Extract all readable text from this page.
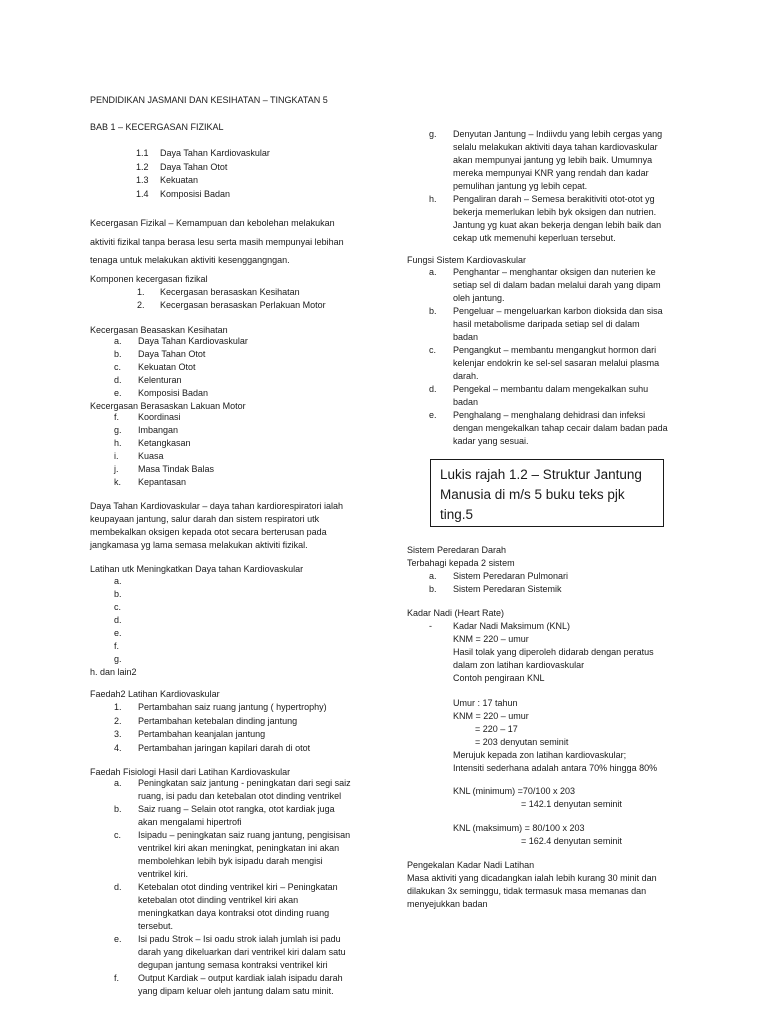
PENDIDIKAN JASMANI DAN KESIHATAN – TINGKATAN 5
BAB 1 – KECERGASAN FIZIKAL
1.1 Daya Tahan Kardiovaskular
1.2 Daya Tahan Otot
1.3 Kekuatan
1.4 Komposisi Badan
Kecergasan Fizikal – Kemampuan dan kebolehan melakukan
aktiviti fizikal tanpa berasa lesu serta masih mempunyai lebihan
tenaga untuk melakukan aktiviti kesenggangngan.
Komponen kecergasan fizikal
1. Kecergasan berasaskan Kesihatan
2. Kecergasan berasaskan Perlakuan Motor
Kecergasan Beasaskan Kesihatan
a. Daya Tahan Kardiovaskular
b. Daya Tahan Otot
c. Kekuatan Otot
d. Kelenturan
e. Komposisi Badan
Kecergasan Berasaskan Lakuan Motor
f. Koordinasi
g. Imbangan
h. Ketangkasan
i. Kuasa
j. Masa Tindak Balas
k. Kepantasan
Daya Tahan Kardiovaskular – daya tahan kardiorespiratori ialah
keupayaan jantung, salur darah dan sistem respiratori utk
membekalkan oksigen kepada otot secara berterusan pada
jangkamasa yg lama semasa melakukan aktiviti fizikal.
Latihan utk Meningkatkan Daya tahan Kardiovaskular
a.
b.
c.
d.
e.
f.
g.
h. dan lain2
Faedah2 Latihan Kardiovaskular
1. Pertambahan saiz ruang jantung ( hypertrophy)
2. Pertambahan ketebalan dinding jantung
3. Pertambahan keanjalan jantung
4. Pertambahan jaringan kapilari darah di otot
Faedah Fisiologi Hasil dari Latihan Kardiovaskular
a. Peningkatan saiz jantung - peningkatan dari segi saiz
ruang, isi padu dan ketebalan otot dinding ventrikel
b. Saiz ruang – Selain otot rangka, otot kardiak juga
akan mengalami hipertrofi
c. Isipadu – peningkatan saiz ruang jantung, pengisisan
ventrikel kiri akan meningkat, peningkatan ini akan
membolehkan lebih byk isipadu darah mengisi
ventrikel kiri.
d. Ketebalan otot dinding ventrikel kiri – Peningkatan
ketebalan otot dinding ventrikel kiri akan
meningkatkan daya kontraksi otot dinding ruang
tersebut.
e. Isi padu Strok – Isi oadu strok ialah jumlah isi padu
darah yang dikeluarkan dari ventrikel kiri dalam satu
degupan jantung semasa kontraksi ventrikel kiri
f. Output Kardiak – output kardiak ialah isipadu darah
yang dipam keluar oleh jantung dalam satu minit.
g. Denyutan Jantung – Indiivdu yang lebih cergas yang
selalu melakukan aktiviti daya tahan kardiovaskular
akan mempunyai jantung yg lebih baik. Umumnya
mereka mempunyai KNR yang rendah dan kadar
pemulihan jantung yg lebih cepat.
h. Pengaliran darah – Semesa berakitiviti otot-otot yg
bekerja memerlukan lebih byk oksigen dan nutrien.
Jantung yg kuat akan bekerja dengan lebih baik dan
cekap utk memenuhi keperluan tersebut.
Fungsi Sistem Kardiovaskular
a. Penghantar – menghantar oksigen dan nuterien ke
setiap sel di dalam badan melalui darah yang dipam
oleh jantung.
b. Pengeluar – mengeluarkan karbon dioksida dan sisa
hasil metabolisme daripada setiap sel di dalam
badan
c. Pengangkut – membantu mengangkut hormon dari
kelenjar endokrin ke sel-sel sasaran melalui plasma
darah.
d. Pengekal – membantu dalam mengekalkan suhu
badan
e. Penghalang – menghalang dehidrasi dan infeksi
dengan mengekalkan tahap cecair dalam badan pada
kadar yang sesuai.
Sistem Peredaran Darah
Terbahagi kepada 2 sistem
a. Sistem Peredaran Pulmonari
b. Sistem Peredaran Sistemik
Kadar Nadi (Heart Rate)
- Kadar Nadi Maksimum (KNL)
KNM = 220 – umur
Hasil tolak yang diperoleh didarab dengan peratus
dalam zon latihan kardiovaskular
Contoh pengiraan KNL
Umur : 17 tahun
KNM = 220 – umur
= 220 – 17
= 203 denyutan seminit
Merujuk kepada zon latihan kardiovaskular;
Intensiti sederhana adalah antara 70% hingga 80%
KNL (minimum) =70/100 x 203
= 142.1 denyutan seminit
KNL (maksimum) = 80/100 x 203
= 162.4 denyutan seminit
Pengekalan Kadar Nadi Latihan
Masa aktiviti yang dicadangkan ialah lebih kurang 30 minit dan
dilakukan 3x seminggu, tidak termasuk masa memanas dan
menyejukkan badan
Lukis rajah 1.2 – Struktur Jantung
Manusia di m/s 5 buku teks pjk
ting.5
